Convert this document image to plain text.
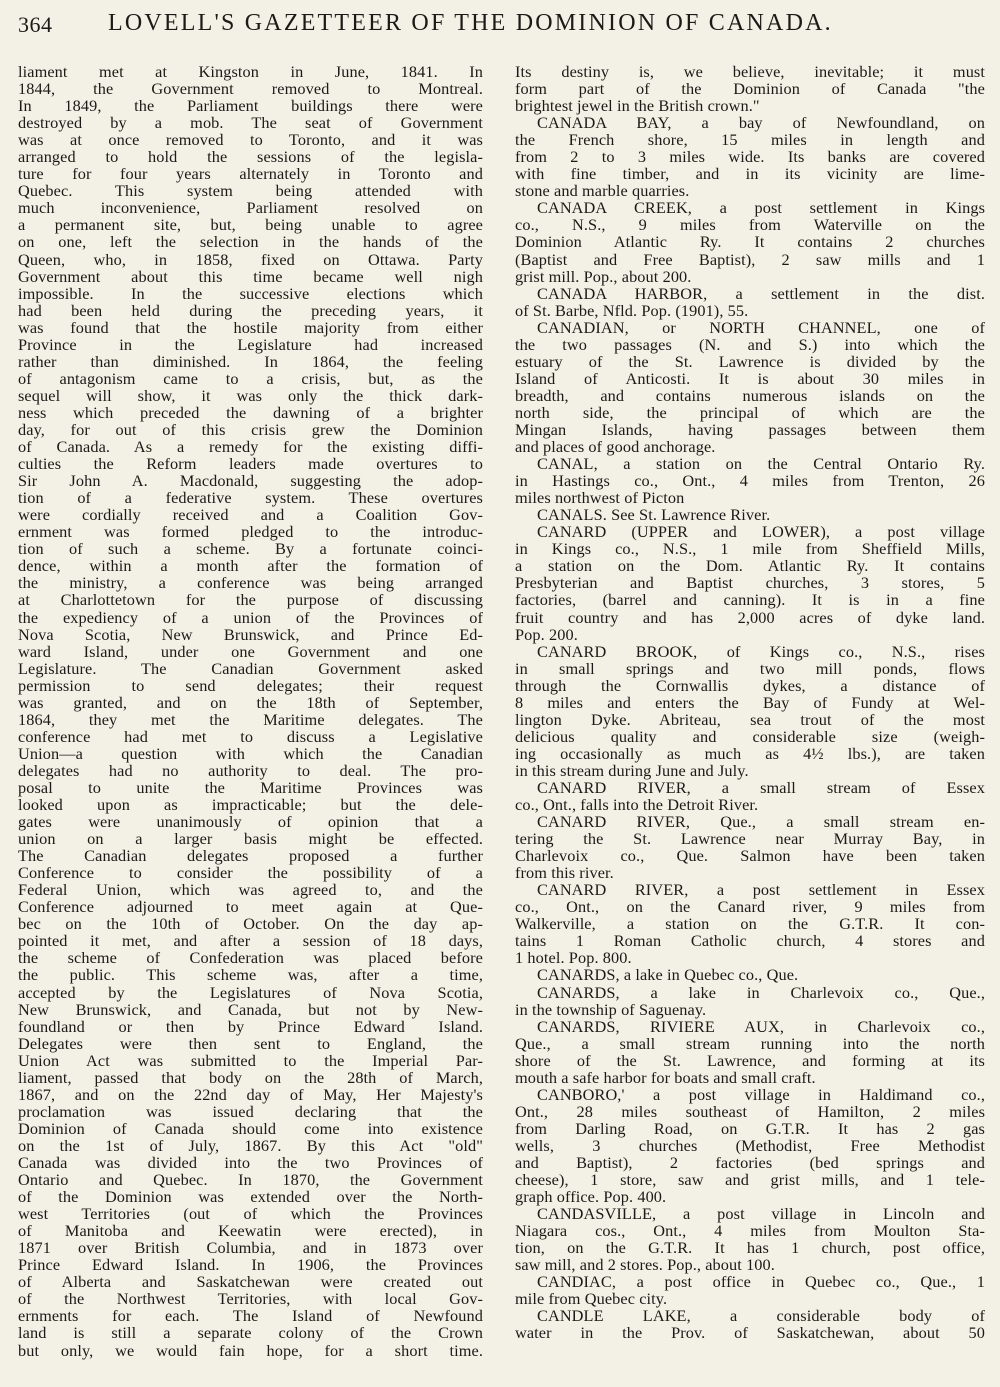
364 LOVELL'S GAZETTEER OF THE DOMINION OF CANADA.
liament met at Kingston in June, 1841. In
1844, the Government removed to Montreal.
In 1849, the Parliament buildings there were
destroyed by a mob. The seat of Government
was at once removed to Toronto, and it was
arranged to hold the sessions of the legisla-
ture for four years alternately in Toronto and
Quebec. This system being attended with
much inconvenience, Parliament resolved on
a permanent site, but, being unable to agree
on one, left the selection in the hands of the
Queen, who, in 1858, fixed on Ottawa. Party
Government about this time became well nigh
impossible. In the successive elections which
had been held during the preceding years, it
was found that the hostile majority from either
Province in the Legislature had increased
rather than diminished. In 1864, the feeling
of antagonism came to a crisis, but, as the
sequel will show, it was only the thick dark-
ness which preceded the dawning of a brighter
day, for out of this crisis grew the Dominion
of Canada. As a remedy for the existing diffi-
culties the Reform leaders made overtures to
Sir John A. Macdonald, suggesting the adop-
tion of a federative system. These overtures
were cordially received and a Coalition Gov-
ernment was formed pledged to the introduc-
tion of such a scheme. By a fortunate coinci-
dence, within a month after the formation of
the ministry, a conference was being arranged
at Charlottetown for the purpose of discussing
the expediency of a union of the Provinces of
Nova Scotia, New Brunswick, and Prince Ed-
ward Island, under one Government and one
Legislature. The Canadian Government asked
permission to send delegates; their request
was granted, and on the 18th of September,
1864, they met the Maritime delegates. The
conference had met to discuss a Legislative
Union—a question with which the Canadian
delegates had no authority to deal. The pro-
posal to unite the Maritime Provinces was
looked upon as impracticable; but the dele-
gates were unanimously of opinion that a
union on a larger basis might be effected.
The Canadian delegates proposed a further
Conference to consider the possibility of a
Federal Union, which was agreed to, and the
Conference adjourned to meet again at Que-
bec on the 10th of October. On the day ap-
pointed it met, and after a session of 18 days,
the scheme of Confederation was placed before
the public. This scheme was, after a time,
accepted by the Legislatures of Nova Scotia,
New Brunswick, and Canada, but not by New-
foundland or then by Prince Edward Island.
Delegates were then sent to England, the
Union Act was submitted to the Imperial Par-
liament, passed that body on the 28th of March,
1867, and on the 22nd day of May, Her Majesty's
proclamation was issued declaring that the
Dominion of Canada should come into existence
on the 1st of July, 1867. By this Act "old"
Canada was divided into the two Provinces of
Ontario and Quebec. In 1870, the Government
of the Dominion was extended over the North-
west Territories (out of which the Provinces
of Manitoba and Keewatin were erected), in
1871 over British Columbia, and in 1873 over
Prince Edward Island. In 1906, the Provinces
of Alberta and Saskatchewan were created out
of the Northwest Territories, with local Gov-
ernments for each. The Island of Newfound
land is still a separate colony of the Crown
but only, we would fain hope, for a short time.
Its destiny is, we believe, inevitable; it must
form part of the Dominion of Canada "the
brightest jewel in the British crown."
CANADA BAY, a bay of Newfoundland, on
the French shore, 15 miles in length and
from 2 to 3 miles wide. Its banks are covered
with fine timber, and in its vicinity are lime-
stone and marble quarries.
CANADA CREEK, a post settlement in Kings
co., N.S., 9 miles from Waterville on the
Dominion Atlantic Ry. It contains 2 churches
(Baptist and Free Baptist), 2 saw mills and 1
grist mill. Pop., about 200.
CANADA HARBOR, a settlement in the dist.
of St. Barbe, Nfld. Pop. (1901), 55.
CANADIAN, or NORTH CHANNEL, one of
the two passages (N. and S.) into which the
estuary of the St. Lawrence is divided by the
Island of Anticosti. It is about 30 miles in
breadth, and contains numerous islands on the
north side, the principal of which are the
Mingan Islands, having passages between them
and places of good anchorage.
CANAL, a station on the Central Ontario Ry.
in Hastings co., Ont., 4 miles from Trenton, 26
miles northwest of Picton
CANALS. See St. Lawrence River.
CANARD (UPPER and LOWER), a post village
in Kings co., N.S., 1 mile from Sheffield Mills,
a station on the Dom. Atlantic Ry. It contains
Presbyterian and Baptist churches, 3 stores, 5
factories, (barrel and canning). It is in a fine
fruit country and has 2,000 acres of dyke land.
Pop. 200.
CANARD BROOK, of Kings co., N.S., rises
in small springs and two mill ponds, flows
through the Cornwallis dykes, a distance of
8 miles and enters the Bay of Fundy at Wel-
lington Dyke. Abriteau, sea trout of the most
delicious quality and considerable size (weigh-
ing occasionally as much as 4½ lbs.), are taken
in this stream during June and July.
CANARD RIVER, a small stream of Essex
co., Ont., falls into the Detroit River.
CANARD RIVER, Que., a small stream en-
tering the St. Lawrence near Murray Bay, in
Charlevoix co., Que. Salmon have been taken
from this river.
CANARD RIVER, a post settlement in Essex
co., Ont., on the Canard river, 9 miles from
Walkerville, a station on the G.T.R. It con-
tains 1 Roman Catholic church, 4 stores and
1 hotel. Pop. 800.
CANARDS, a lake in Quebec co., Que.
CANARDS, a lake in Charlevoix co., Que.,
in the township of Saguenay.
CANARDS, RIVIERE AUX, in Charlevoix co.,
Que., a small stream running into the north
shore of the St. Lawrence, and forming at its
mouth a safe harbor for boats and small craft.
CANBORO,' a post village in Haldimand co.,
Ont., 28 miles southeast of Hamilton, 2 miles
from Darling Road, on G.T.R. It has 2 gas
wells, 3 churches (Methodist, Free Methodist
and Baptist), 2 factories (bed springs and
cheese), 1 store, saw and grist mills, and 1 tele-
graph office. Pop. 400.
CANDASVILLE, a post village in Lincoln and
Niagara cos., Ont., 4 miles from Moulton Sta-
tion, on the G.T.R. It has 1 church, post office,
saw mill, and 2 stores. Pop., about 100.
CANDIAC, a post office in Quebec co., Que., 1
mile from Quebec city.
CANDLE LAKE, a considerable body of
water in the Prov. of Saskatchewan, about 50
